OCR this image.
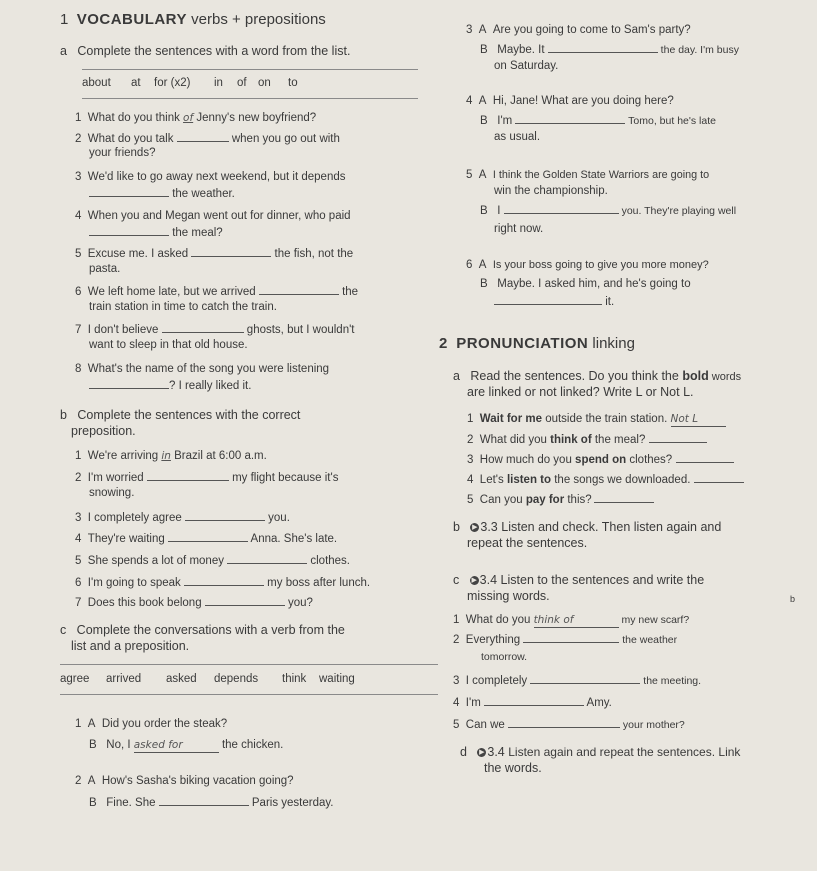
1 VOCABULARY verbs + prepositions
a Complete the sentences with a word from the list.
about at for (x2) in of on to
1 What do you think of Jenny's new boyfriend?
2 What do you talk	when you go out with
your friends?
3 We'd like to go away next weekend, but it depends
the weather.
4 When you and Megan went out for dinner, who paid
the meal?
5 Excuse me. I asked	the fish, not the
pasta.
6 We left home late, but we arrived	the
train station in time to catch the train.
7 I don't believe	ghosts, but I wouldn't
want to sleep in that old house.
8 What's the name of the song you were listening
? I really liked it.
b Complete the sentences with the correct
preposition.
1 We're arriving in Brazil at 6:00 a.m.
2 I'm worried	my flight because it's
snowing.
3 I completely agree	you.
4 They're waiting	Anna. She's late.
5 She spends a lot of money	clothes.
6 I'm going to speak	my boss after lunch.
7 Does this book belong	you?
c Complete the conversations with a verb from the
list and a preposition.
agree arrived asked depends think waiting
1  A  Did you order the steak?
B   No, I asked for	the chicken.
2  A  How's Sasha's biking vacation going?
B   Fine. She	Paris yesterday.
3  A  Are you going to come to Sam's party?
B   Maybe. It	the day. I'm busy
on Saturday.
4  A  Hi, Jane! What are you doing here?
B   I'm	Tomo, but he's late
as usual.
5  A  I think the Golden State Warriors are going to
win the championship.
B   I	you. They're playing well
right now.
6  A  Is your boss going to give you more money?
B   Maybe. I asked him, and he's going to
it.
2 PRONUNCIATION linking
a Read the sentences. Do you think the bold words
are linked or not linked? Write L or Not L.
1 Wait for me outside the train station. Not L
2 What did you think of the meal?
3 How much do you spend on clothes?
4 Let's listen to the songs we downloaded.
5 Can you pay for this?
b ▶ 3.3 Listen and check. Then listen again and
repeat the sentences.
c ▶ 3.4 Listen to the sentences and write the
missing words.	b
1 What do you think of	my new scarf?
2 Everything	the weather
tomorrow.
3 I completely	the meeting.
4 I'm	Amy.
5 Can we	your mother?
d ▶ 3.4 Listen again and repeat the sentences. Link
the words.
